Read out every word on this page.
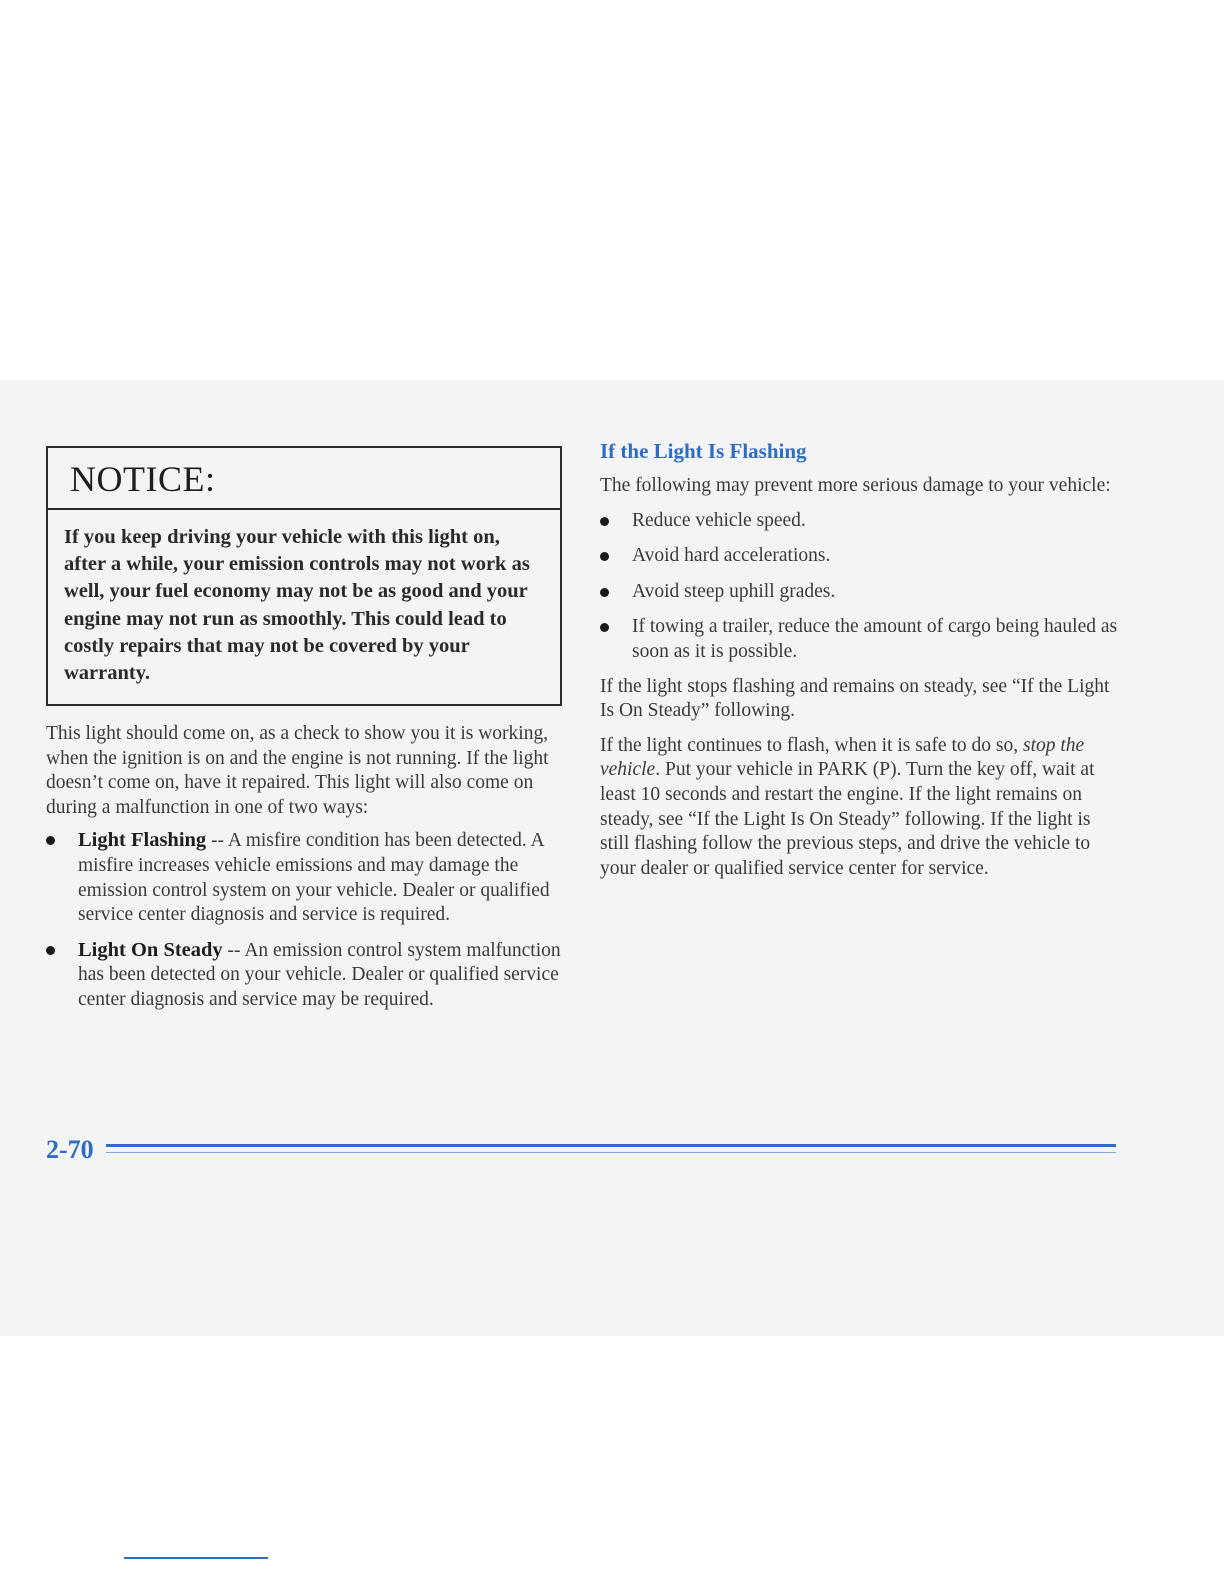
NOTICE:
If you keep driving your vehicle with this light on, after a while, your emission controls may not work as well, your fuel economy may not be as good and your engine may not run as smoothly. This could lead to costly repairs that may not be covered by your warranty.

This light should come on, as a check to show you it is working, when the ignition is on and the engine is not running. If the light doesn’t come on, have it repaired. This light will also come on during a malfunction in one of two ways:

Light Flashing -- A misfire condition has been detected. A misfire increases vehicle emissions and may damage the emission control system on your vehicle. Dealer or qualified service center diagnosis and service is required.
Light On Steady -- An emission control system malfunction has been detected on your vehicle. Dealer or qualified service center diagnosis and service may be required.
If the Light Is Flashing

The following may prevent more serious damage to your vehicle:

Reduce vehicle speed.
Avoid hard accelerations.
Avoid steep uphill grades.
If towing a trailer, reduce the amount of cargo being hauled as soon as it is possible.

If the light stops flashing and remains on steady, see “If the Light Is On Steady” following.

If the light continues to flash, when it is safe to do so, stop the vehicle. Put your vehicle in PARK (P). Turn the key off, wait at least 10 seconds and restart the engine. If the light remains on steady, see “If the Light Is On Steady” following. If the light is still flashing follow the previous steps, and drive the vehicle to your dealer or qualified service center for service.

2-70
